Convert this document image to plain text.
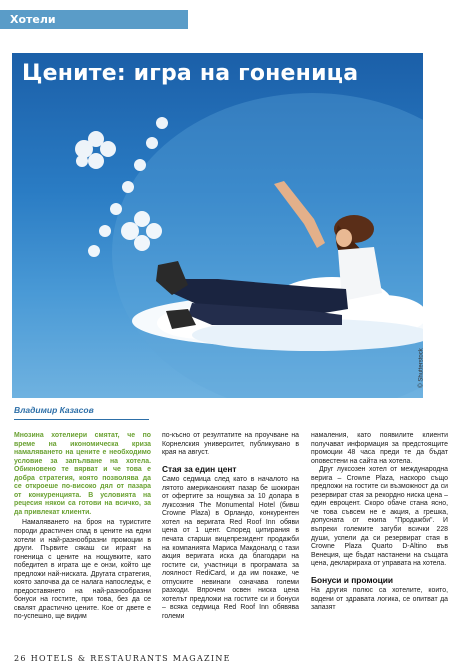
Хотели
Цените: игра на гоненица
© Shutterstock
Владимир Казасов

Мнозина хотелиери смятат, че по време на икономическа криза намаляването на цените е необходимо условие за запълване на хотела. Обикновено те вярват и че това е добра стратегия, която позволява да се откроеше по-високо дял от пазара от конкуренцията. В условията на рецесия някои са готови на всичко, за да привлекат клиенти.

Намаляването на броя на туристите породи драстичен спад в цените на едни хотели и най-разнообразни промоции в други. Първите сякаш си играят на гоненица с цените на нощувките, като победител в играта ще е онзи, който ще предложи най-ниската. Другата стратегия, която започва да се налага напоследък, е предоставянето на най-разнообразни бонуси на гостите, при това, без да се свалят драстично цените. Кое от двете е по-успешно, ще видим

по-късно от резултатите на проучване на Корнелския университет, публикувано в края на август.

Стая за един цент

Само седмица след като в началото на лятото американският пазар бе шокиран от офертите за нощувка за 10 долара в луксозния The Monumental Hotel (бивш Crowne Plaza) в Орландо, конкурентен хотел на веригата Red Roof Inn обяви цена от 1 цент. Според цитирания в печата старши вицепрезидент продажби на компанията Мариса Макдоналд с тази акция веригата иска да благодари на гостите си, участници в програмата за лоялност RediCard, и да им покаже, че отпуските невинаги означава големи разходи. Впрочем освен ниска цена хотелът предложи на гостите си и бонуси – всяка седмица Red Roof Inn обявява големи

намаления, като появилите клиенти получават информация за предстоящите промоции 48 часа преди те да бъдат оповестени на сайта на хотела.

Друг луксозен хотел от международна верига – Crowne Plaza, наскоро също предложи на гостите си възможност да си резервират стая за рекордно ниска цена – един евроцент. Скоро обаче стана ясно, че това съвсем не е акция, а грешка, допусната от екипа "Продажби". И въпреки големите загуби всички 228 души, успели да си резервират стая в Crowne Plaza Quarto D-Altino във Венеция, ще бъдат настанени на същата цена, декларираха от управата на хотела.

Бонуси и промоции

На другия полюс са хотелите, които, водени от здравата логика, се опитват да запазят

26 HOTELS & RESTAURANTS MAGAZINE
